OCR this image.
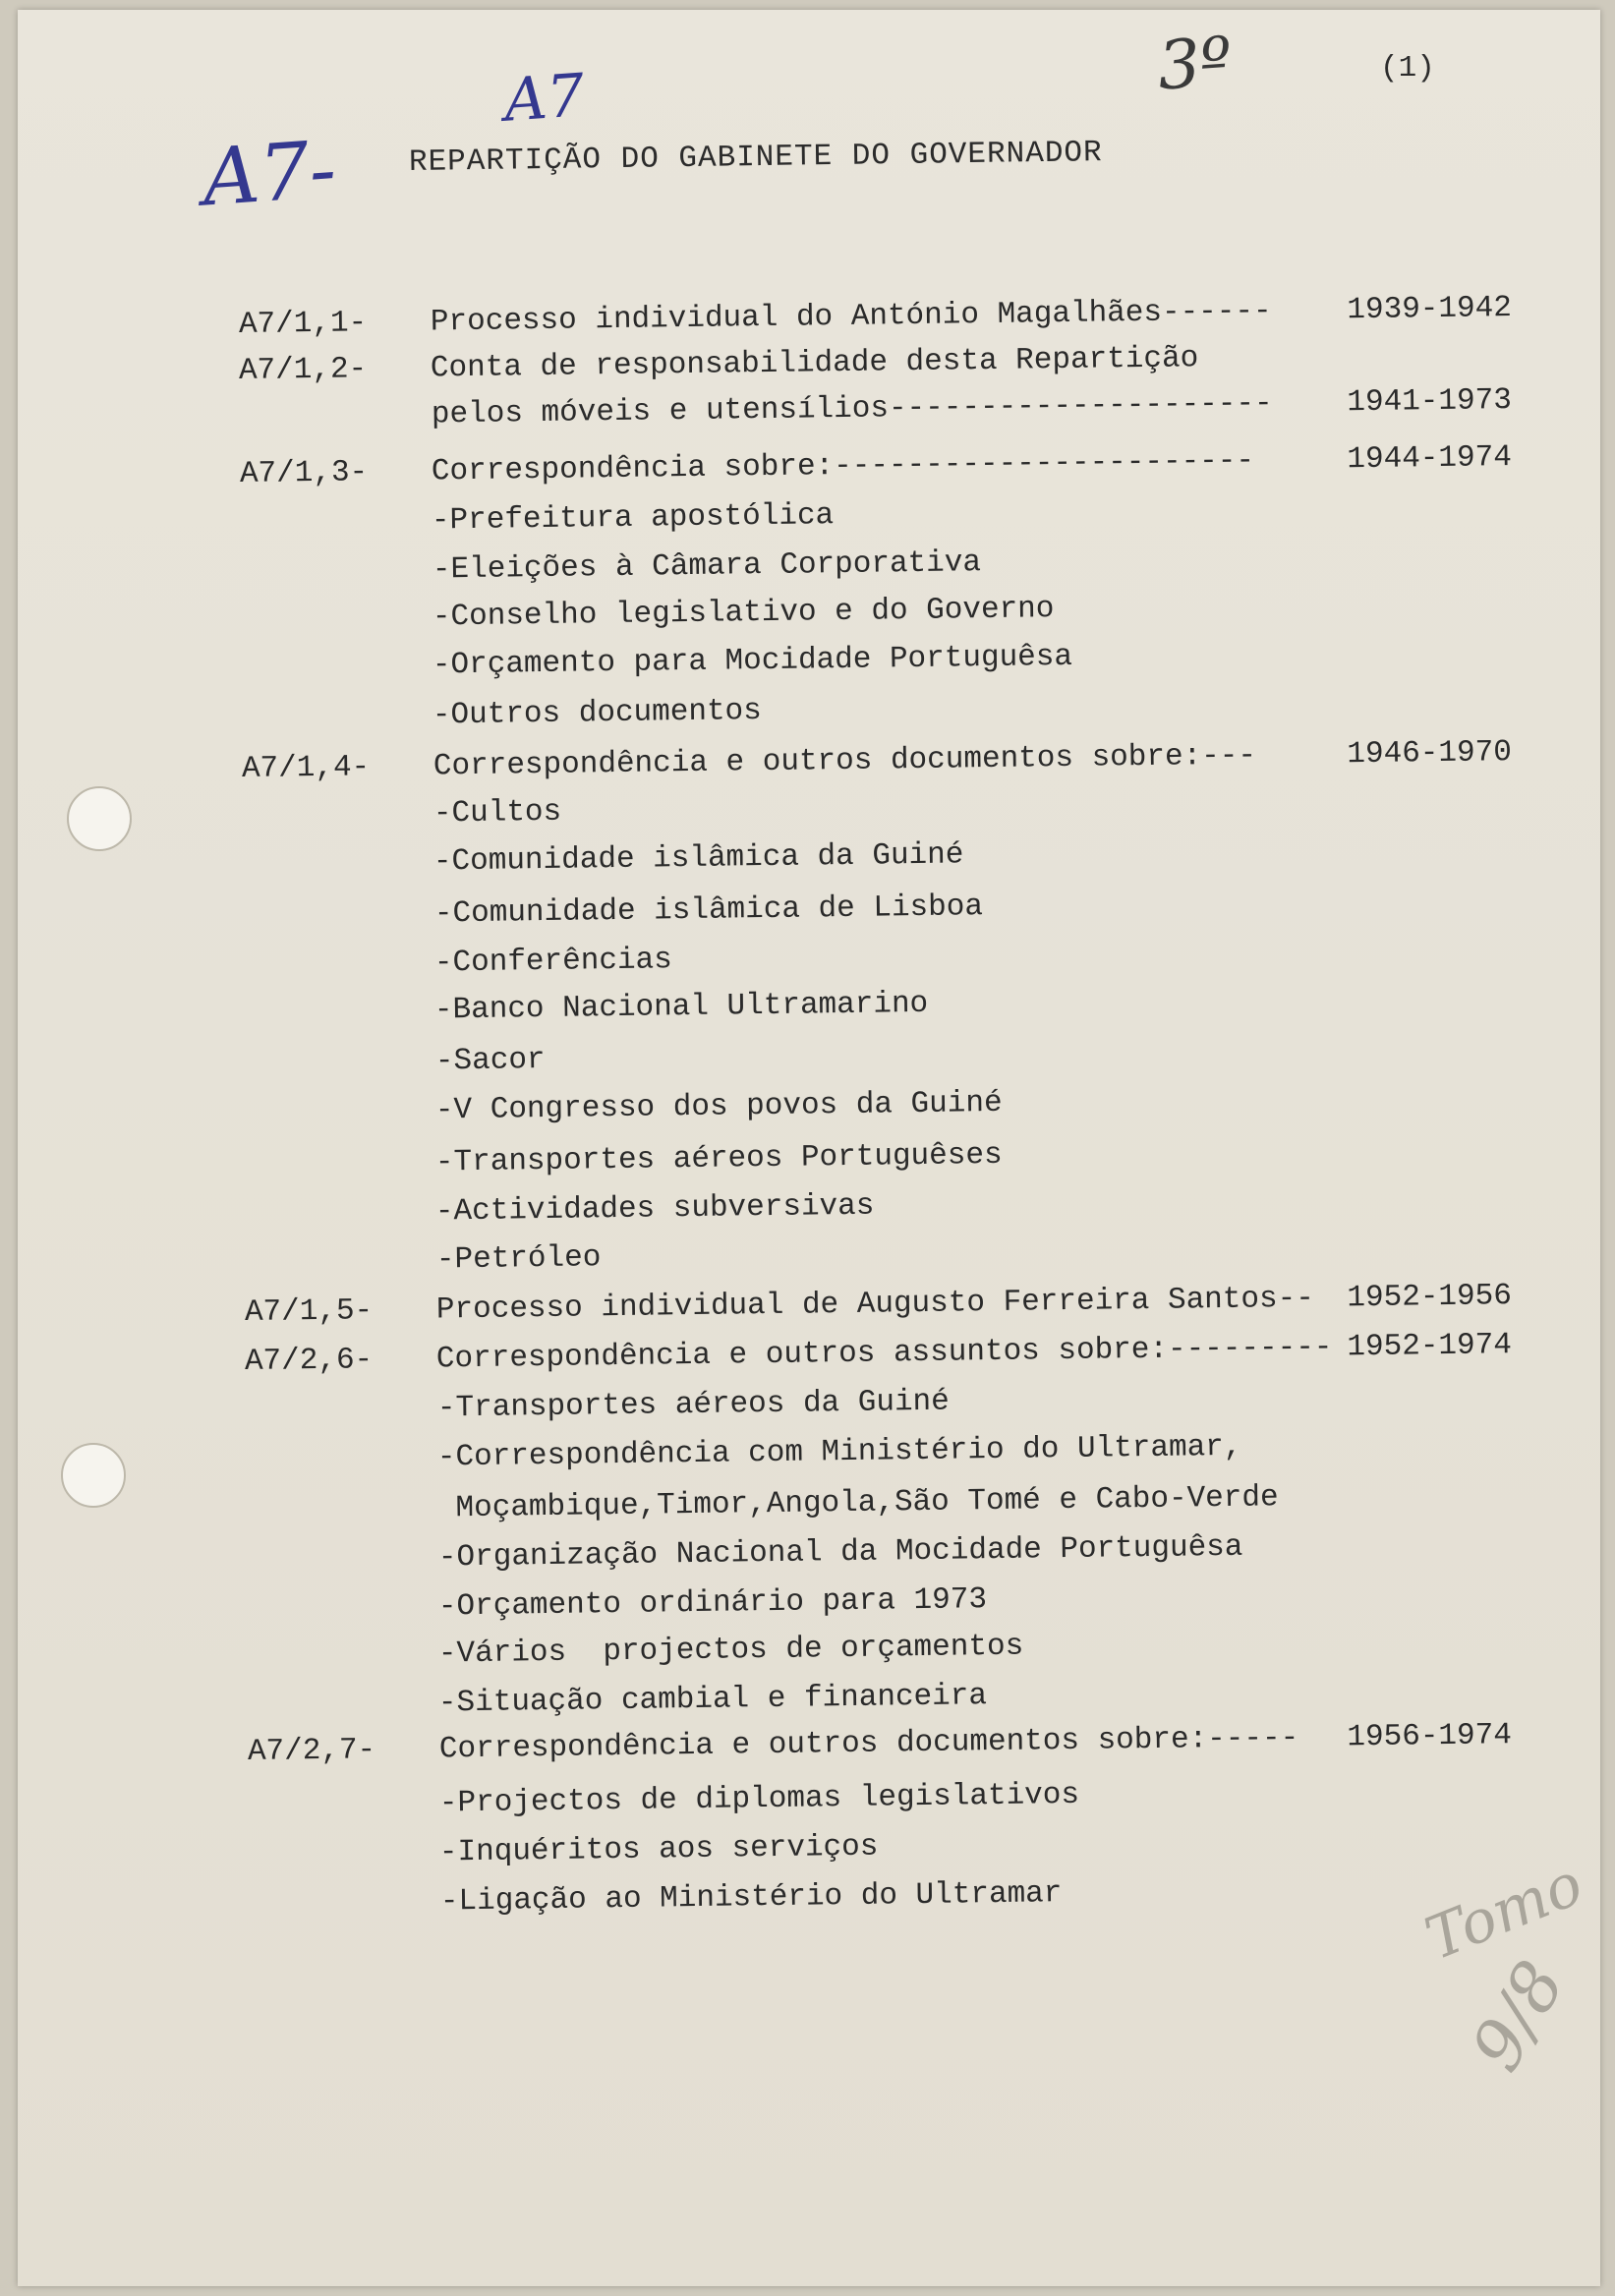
A7
A7-
3º	(1)
REPARTIÇÃO DO GABINETE DO GOVERNADOR
A7/1,1-	Processo individual do António Magalhães------ 1939-1942
A7/1,2-	Conta de responsabilidade desta Repartição
pelos móveis e utensílios--------------------- 1941-1973
A7/1,3-	Correspondência sobre:-----------------------	1944-1974
-Prefeitura apostólica
-Eleições à Câmara Corporativa
-Conselho legislativo e do Governo
-Orçamento para Mocidade Portuguêsa
-Outros documentos
A7/1,4-	Correspondência e outros documentos sobre:---	1946-1970
-Cultos
-Comunidade islâmica da Guiné
-Comunidade islâmica de Lisboa
-Conferências
-Banco Nacional Ultramarino
-Sacor
-V Congresso dos povos da Guiné
-Transportes aéreos Portuguêses
-Actividades subversivas
-Petróleo
A7/1,5-	Processo individual de Augusto Ferreira Santos-- 1952-1956
A7/2,6-	Correspondência e outros assuntos sobre:--------- 1952-1974
-Transportes aéreos da Guiné
-Correspondência com Ministério do Ultramar,
Moçambique,Timor,Angola,São Tomé e Cabo-Verde
-Organização Nacional da Mocidade Portuguêsa
-Orçamento ordinário para 1973
-Vários  projectos de orçamentos
-Situação cambial e financeira
A7/2,7-	Correspondência e outros documentos sobre:----- 1956-1974
-Projectos de diplomas legislativos
-Inquéritos aos serviços
-Ligação ao Ministério do Ultramar	Tomo
9/8
